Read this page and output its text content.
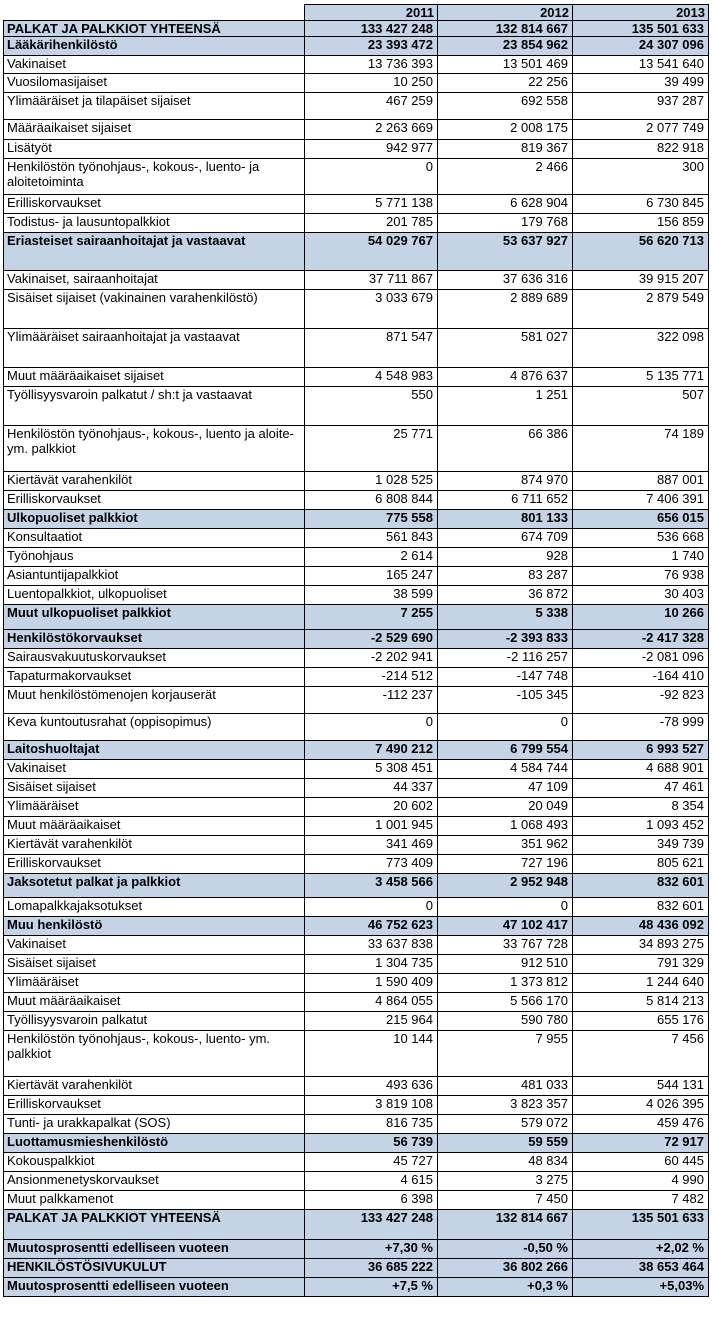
	2011	2012	2013
PALKAT JA PALKKIOT YHTEENSÄ	133 427 248	132 814 667	135 501 633
Lääkärihenkilöstö	23 393 472	23 854 962	24 307 096
Vakinaiset	13 736 393	13 501 469	13 541 640
Vuosilomasijaiset	10 250	22 256	39 499
Ylimääräiset ja tilapäiset sijaiset	467 259	692 558	937 287
Määräaikaiset sijaiset	2 263 669	2 008 175	2 077 749
Lisätyöt	942 977	819 367	822 918
Henkilöstön työnohjaus-, kokous-, luento- ja aloitetoiminta	0	2 466	300
Erilliskorvaukset	5 771 138	6 628 904	6 730 845
Todistus- ja lausuntopalkkiot	201 785	179 768	156 859
Eriasteiset sairaanhoitajat ja vastaavat	54 029 767	53 637 927	56 620 713
Vakinaiset, sairaanhoitajat	37 711 867	37 636 316	39 915 207
Sisäiset sijaiset (vakinainen varahenkilöstö)	3 033 679	2 889 689	2 879 549
Ylimääräiset sairaanhoitajat ja vastaavat	871 547	581 027	322 098
Muut määräaikaiset sijaiset	4 548 983	4 876 637	5 135 771
Työllisyysvaroin palkatut / sh:t ja vastaavat	550	1 251	507
Henkilöstön työnohjaus-, kokous-, luento ja aloite- ym. palkkiot	25 771	66 386	74 189
Kiertävät varahenkilöt	1 028 525	874 970	887 001
Erilliskorvaukset	6 808 844	6 711 652	7 406 391
Ulkopuoliset palkkiot	775 558	801 133	656 015
Konsultaatiot	561 843	674 709	536 668
Työnohjaus	2 614	928	1 740
Asiantuntijapalkkiot	165 247	83 287	76 938
Luentopalkkiot, ulkopuoliset	38 599	36 872	30 403
Muut ulkopuoliset palkkiot	7 255	5 338	10 266
Henkilöstökorvaukset	-2 529 690	-2 393 833	-2 417 328
Sairausvakuutuskorvaukset	-2 202 941	-2 116 257	-2 081 096
Tapaturmakorvaukset	-214 512	-147 748	-164 410
Muut henkilöstömenojen korjauserät	-112 237	-105 345	-92 823
Keva kuntoutusrahat (oppisopimus)	0	0	-78 999
Laitoshuoltajat	7 490 212	6 799 554	6 993 527
Vakinaiset	5 308 451	4 584 744	4 688 901
Sisäiset sijaiset	44 337	47 109	47 461
Ylimääräiset	20 602	20 049	8 354
Muut määräaikaiset	1 001 945	1 068 493	1 093 452
Kiertävät varahenkilöt	341 469	351 962	349 739
Erilliskorvaukset	773 409	727 196	805 621
Jaksotetut palkat ja palkkiot	3 458 566	2 952 948	832 601
Lomapalkkajaksotukset	0	0	832 601
Muu henkilöstö	46 752 623	47 102 417	48 436 092
Vakinaiset	33 637 838	33 767 728	34 893 275
Sisäiset sijaiset	1 304 735	912 510	791 329
Ylimääräiset	1 590 409	1 373 812	1 244 640
Muut määräaikaiset	4 864 055	5 566 170	5 814 213
Työllisyysvaroin palkatut	215 964	590 780	655 176
Henkilöstön työnohjaus-, kokous-, luento- ym. palkkiot	10 144	7 955	7 456
Kiertävät varahenkilöt	493 636	481 033	544 131
Erilliskorvaukset	3 819 108	3 823 357	4 026 395
Tunti- ja urakkapalkat (SOS)	816 735	579 072	459 476
Luottamusmieshenkilöstö	56 739	59 559	72 917
Kokouspalkkiot	45 727	48 834	60 445
Ansionmenetyskorvaukset	4 615	3 275	4 990
Muut palkkamenot	6 398	7 450	7 482
PALKAT JA PALKKIOT YHTEENSÄ	133 427 248	132 814 667	135 501 633
Muutosprosentti edelliseen vuoteen	+7,30 %	-0,50 %	+2,02 %
HENKILÖSTÖSIVUKULUT	36 685 222	36 802 266	38 653 464
Muutosprosentti edelliseen vuoteen	+7,5 %	+0,3 %	+5,03%
